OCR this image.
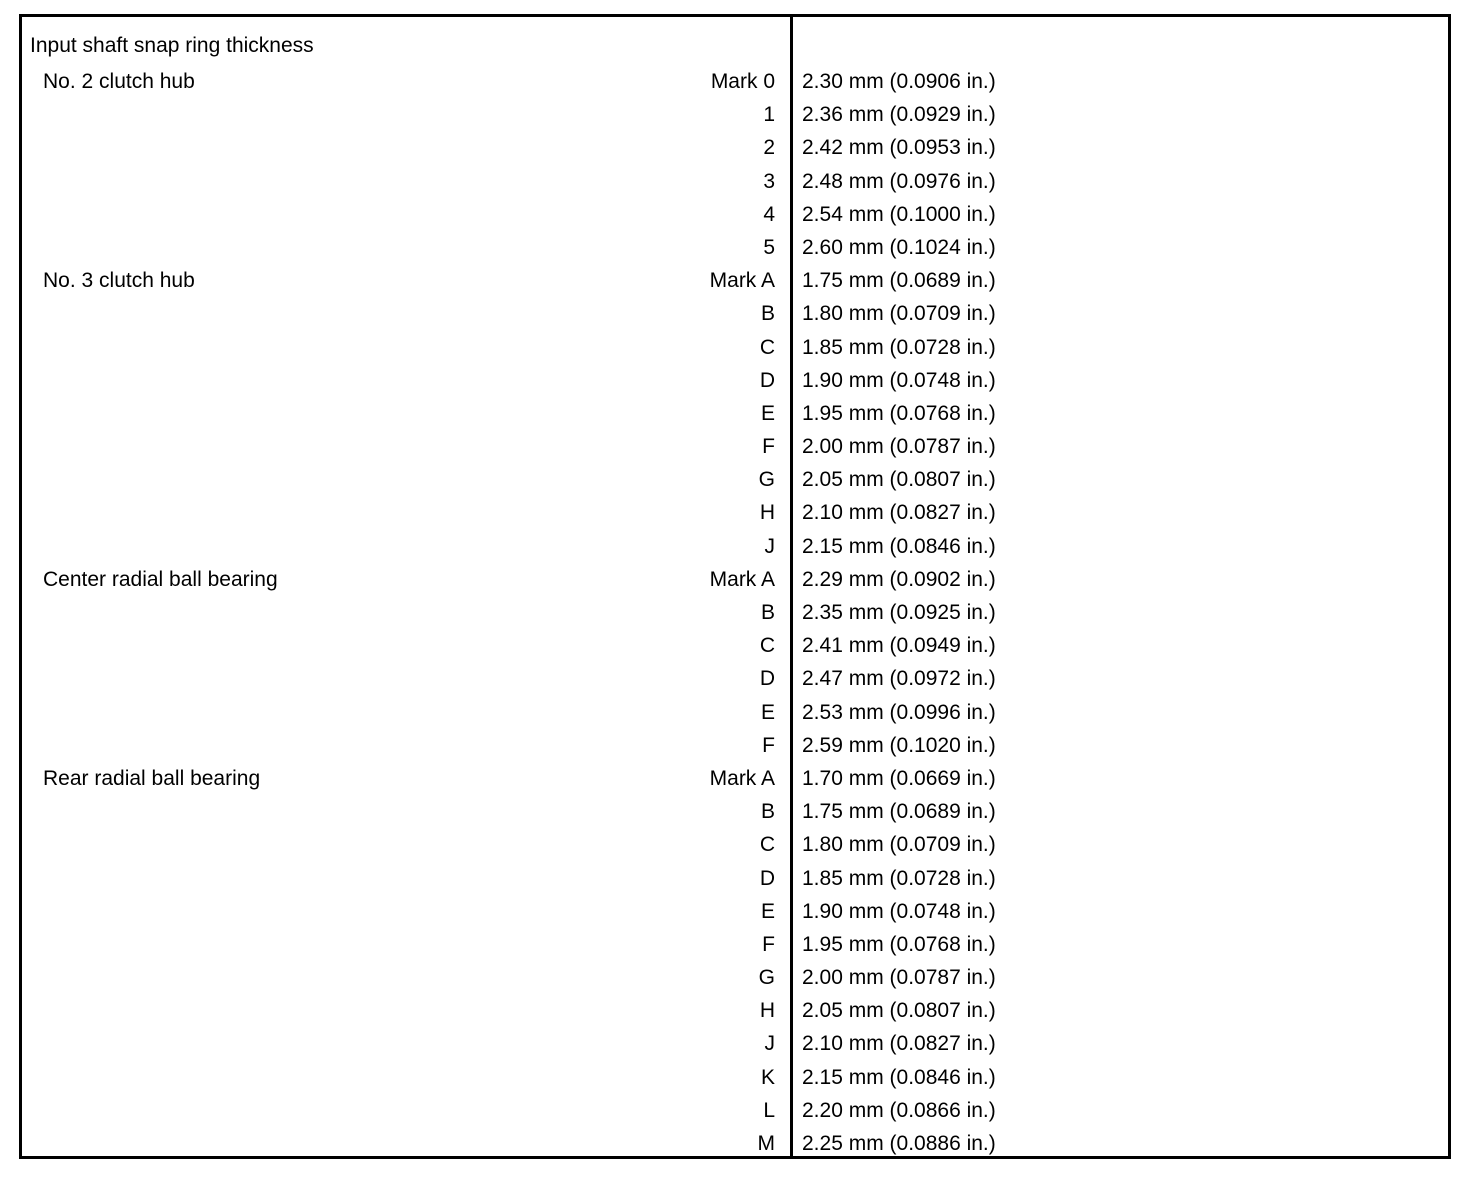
Input shaft snap ring thickness
No. 2 clutch hub	Mark 0 2.30 mm (0.0906 in.)
1 2.36 mm (0.0929 in.)
2 2.42 mm (0.0953 in.)
3 2.48 mm (0.0976 in.)
4 2.54 mm (0.1000 in.)
5 2.60 mm (0.1024 in.)
No. 3 clutch hub	Mark A 1.75 mm (0.0689 in.)
B 1.80 mm (0.0709 in.)
C 1.85 mm (0.0728 in.)
D 1.90 mm (0.0748 in.)
E 1.95 mm (0.0768 in.)
F 2.00 mm (0.0787 in.)
G 2.05 mm (0.0807 in.)
H 2.10 mm (0.0827 in.)
J 2.15 mm (0.0846 in.)
Center radial ball bearing	Mark A 2.29 mm (0.0902 in.)
B 2.35 mm (0.0925 in.)
C 2.41 mm (0.0949 in.)
D 2.47 mm (0.0972 in.)
E 2.53 mm (0.0996 in.)
F 2.59 mm (0.1020 in.)
Rear radial ball bearing	Mark A 1.70 mm (0.0669 in.)
B 1.75 mm (0.0689 in.)
C 1.80 mm (0.0709 in.)
D 1.85 mm (0.0728 in.)
E 1.90 mm (0.0748 in.)
F 1.95 mm (0.0768 in.)
G 2.00 mm (0.0787 in.)
H 2.05 mm (0.0807 in.)
J 2.10 mm (0.0827 in.)
K 2.15 mm (0.0846 in.)
L 2.20 mm (0.0866 in.)
M 2.25 mm (0.0886 in.)
